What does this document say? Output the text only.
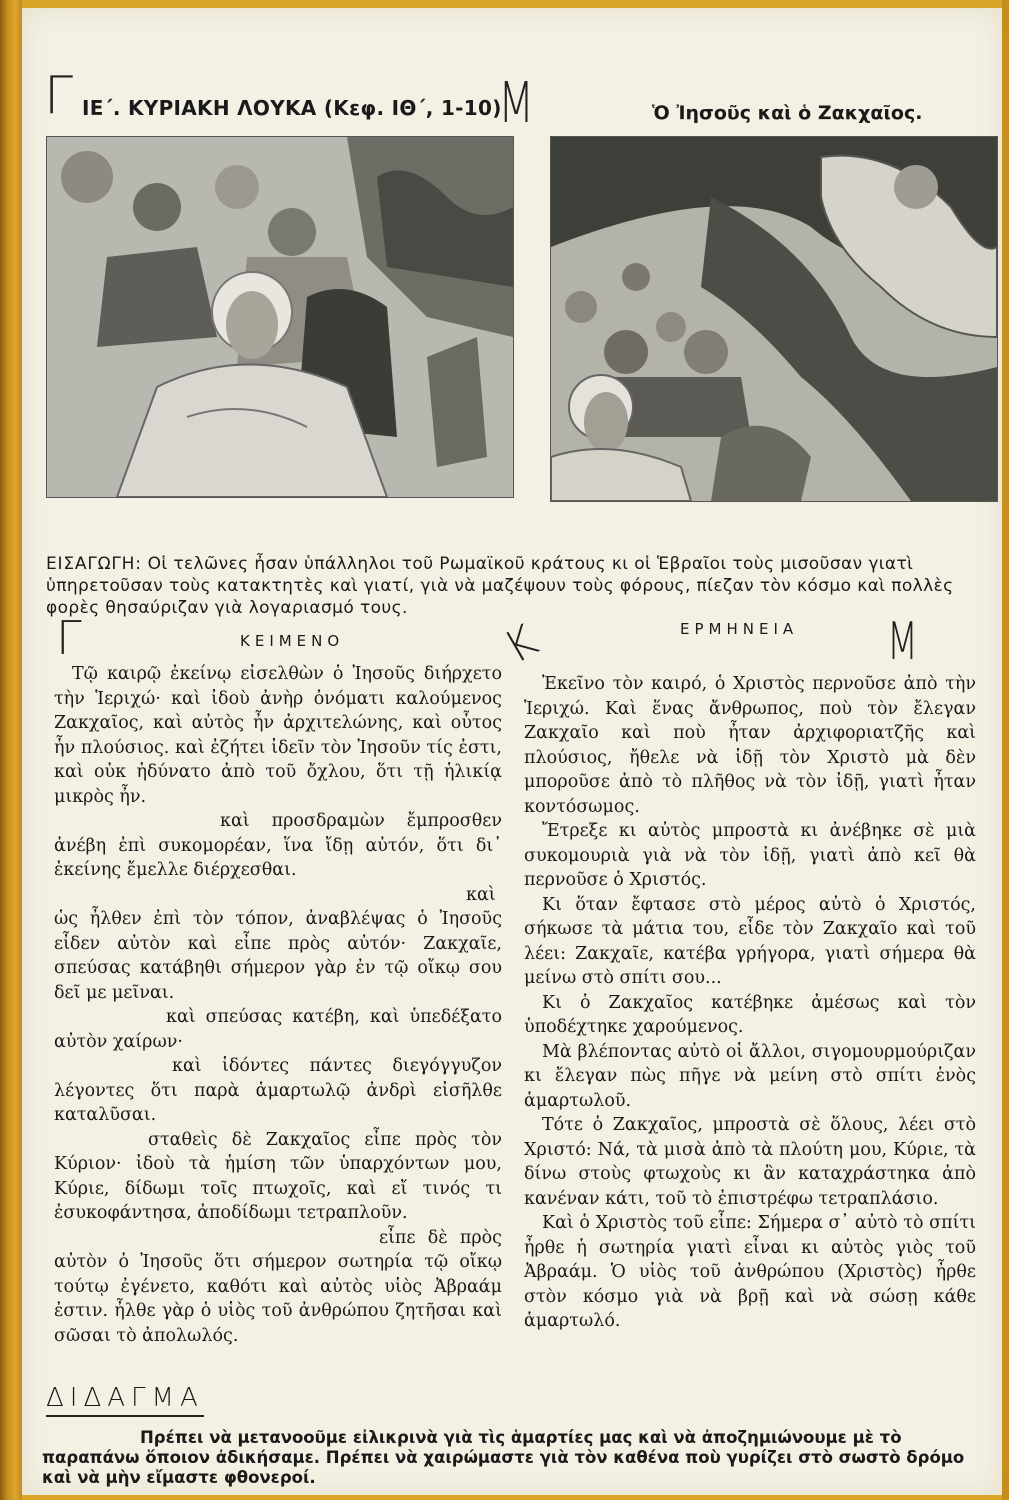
Γ	Μ
ΙΕ΄. ΚΥΡΙΑΚΗ ΛΟΥΚΑ (Κεφ. ΙΘ΄, 1-10)	Ὁ Ἰησοῦς καὶ ὁ Ζακχαῖος.
ΕΙΣΑΓΩΓΗ: Οἱ τελῶνες ἦσαν ὑπάλληλοι τοῦ Ρωμαϊκοῦ κράτους κι οἱ Ἑβραῖοι τοὺς μισοῦσαν γιατὶ ὑπηρετοῦσαν τοὺς κατακτητὲς καὶ γιατί, γιὰ νὰ μαζέψουν τοὺς φόρους, πίεζαν τὸν κόσμο καὶ πολλὲς φορὲς θησαύριζαν γιὰ λογαριασμό τους.
Γ	Κ	Μ
ΚΕΙΜΕΝΟ
ΕΡΜΗΝΕΙΑ

Τῷ καιρῷ ἐκείνῳ εἰσελθὼν ὁ Ἰησοῦς διήρχετο τὴν Ἱεριχώ· καὶ ἰδοὺ ἀνὴρ ὀνόματι καλούμενος Ζακχαῖος, καὶ αὐτὸς ἦν ἀρχιτελώνης, καὶ οὗτος ἦν πλούσιος. καὶ ἐζήτει ἰδεῖν τὸν Ἰησοῦν τίς ἐστι, καὶ οὐκ ἠδύνατο ἀπὸ τοῦ ὄχλου, ὅτι τῇ ἡλικίᾳ μικρὸς ἦν.

καὶ προσδραμὼν ἔμπροσθεν ἀνέβη ἐπὶ συκομορέαν, ἵνα ἴδῃ αὐτόν, ὅτι δι᾿ ἐκείνης ἔμελλε διέρχεσθαι.

καὶ ὡς ἦλθεν ἐπὶ τὸν τόπον, ἀναβλέψας ὁ Ἰησοῦς εἶδεν αὐτὸν καὶ εἶπε πρὸς αὐτόν· Ζακχαῖε, σπεύσας κατάβηθι σήμερον γὰρ ἐν τῷ οἴκῳ σου δεῖ με μεῖναι.

καὶ σπεύσας κατέβη, καὶ ὑπεδέξατο αὐτὸν χαίρων·

καὶ ἰδόντες πάντες διεγόγγυζον λέγοντες ὅτι παρὰ ἁμαρτωλῷ ἀνδρὶ εἰσῆλθε καταλῦσαι.

σταθεὶς δὲ Ζακχαῖος εἶπε πρὸς τὸν Κύριον· ἰδοὺ τὰ ἡμίση τῶν ὑπαρχόντων μου, Κύριε, δίδωμι τοῖς πτωχοῖς, καὶ εἴ τινός τι ἐσυκοφάντησα, ἀποδίδωμι τετραπλοῦν.

εἶπε δὲ πρὸς αὐτὸν ὁ Ἰησοῦς ὅτι σήμερον σωτηρία τῷ οἴκῳ τούτῳ ἐγένετο, καθότι καὶ αὐτὸς υἱὸς Ἀβραάμ ἐστιν. ἦλθε γὰρ ὁ υἱὸς τοῦ ἀνθρώπου ζητῆσαι καὶ σῶσαι τὸ ἀπολωλός.

Ἐκεῖνο τὸν καιρό, ὁ Χριστὸς περνοῦσε ἀπὸ τὴν Ἱεριχώ. Καὶ ἕνας ἄνθρωπος, ποὺ τὸν ἔλεγαν Ζακχαῖο καὶ ποὺ ἦταν ἀρχιφοριατζῆς καὶ πλούσιος, ἤθελε νὰ ἰδῇ τὸν Χριστὸ μὰ δὲν μποροῦσε ἀπὸ τὸ πλῆθος νὰ τὸν ἰδῇ, γιατὶ ἦταν κοντόσωμος.

Ἔτρεξε κι αὐτὸς μπροστὰ κι ἀνέβηκε σὲ μιὰ συκομουριὰ γιὰ νὰ τὸν ἰδῇ, γιατὶ ἀπὸ κεῖ θὰ περνοῦσε ὁ Χριστός.

Κι ὅταν ἔφτασε στὸ μέρος αὐτὸ ὁ Χριστός, σήκωσε τὰ μάτια του, εἶδε τὸν Ζακχαῖο καὶ τοῦ λέει: Ζακχαῖε, κατέβα γρήγορα, γιατὶ σήμερα θὰ μείνω στὸ σπίτι σου...

Κι ὁ Ζακχαῖος κατέβηκε ἀμέσως καὶ τὸν ὑποδέχτηκε χαρούμενος.

Μὰ βλέποντας αὐτὸ οἱ ἄλλοι, σιγομουρμούριζαν κι ἔλεγαν πὼς πῆγε νὰ μείνη στὸ σπίτι ἑνὸς ἁμαρτωλοῦ.

Τότε ὁ Ζακχαῖος, μπροστὰ σὲ ὅλους, λέει στὸ Χριστό: Νά, τὰ μισὰ ἀπὸ τὰ πλούτη μου, Κύριε, τὰ δίνω στοὺς φτωχοὺς κι ἂν καταχράστηκα ἀπὸ κανέναν κάτι, τοῦ τὸ ἐπιστρέφω τετραπλάσιο.

Καὶ ὁ Χριστὸς τοῦ εἶπε: Σήμερα σ᾿ αὐτὸ τὸ σπίτι ἦρθε ἡ σωτηρία γιατὶ εἶναι κι αὐτὸς γιὸς τοῦ Ἀβραάμ. Ὁ υἱὸς τοῦ ἀνθρώπου (Χριστὸς) ἦρθε στὸν κόσμο γιὰ νὰ βρῇ καὶ νὰ σώσῃ κάθε ἁμαρτωλό.

ΔΙΔΑΓΜΑ
Πρέπει νὰ μετανοοῦμε εἰλικρινὰ γιὰ τὶς ἁμαρτίες μας καὶ νὰ ἀποζημιώνουμε μὲ τὸ παραπάνω ὅποιον ἀδικήσαμε. Πρέπει νὰ χαιρώμαστε γιὰ τὸν καθένα ποὺ γυρίζει στὸ σωστὸ δρόμο καὶ νὰ μὴν εἴμαστε φθονεροί.
